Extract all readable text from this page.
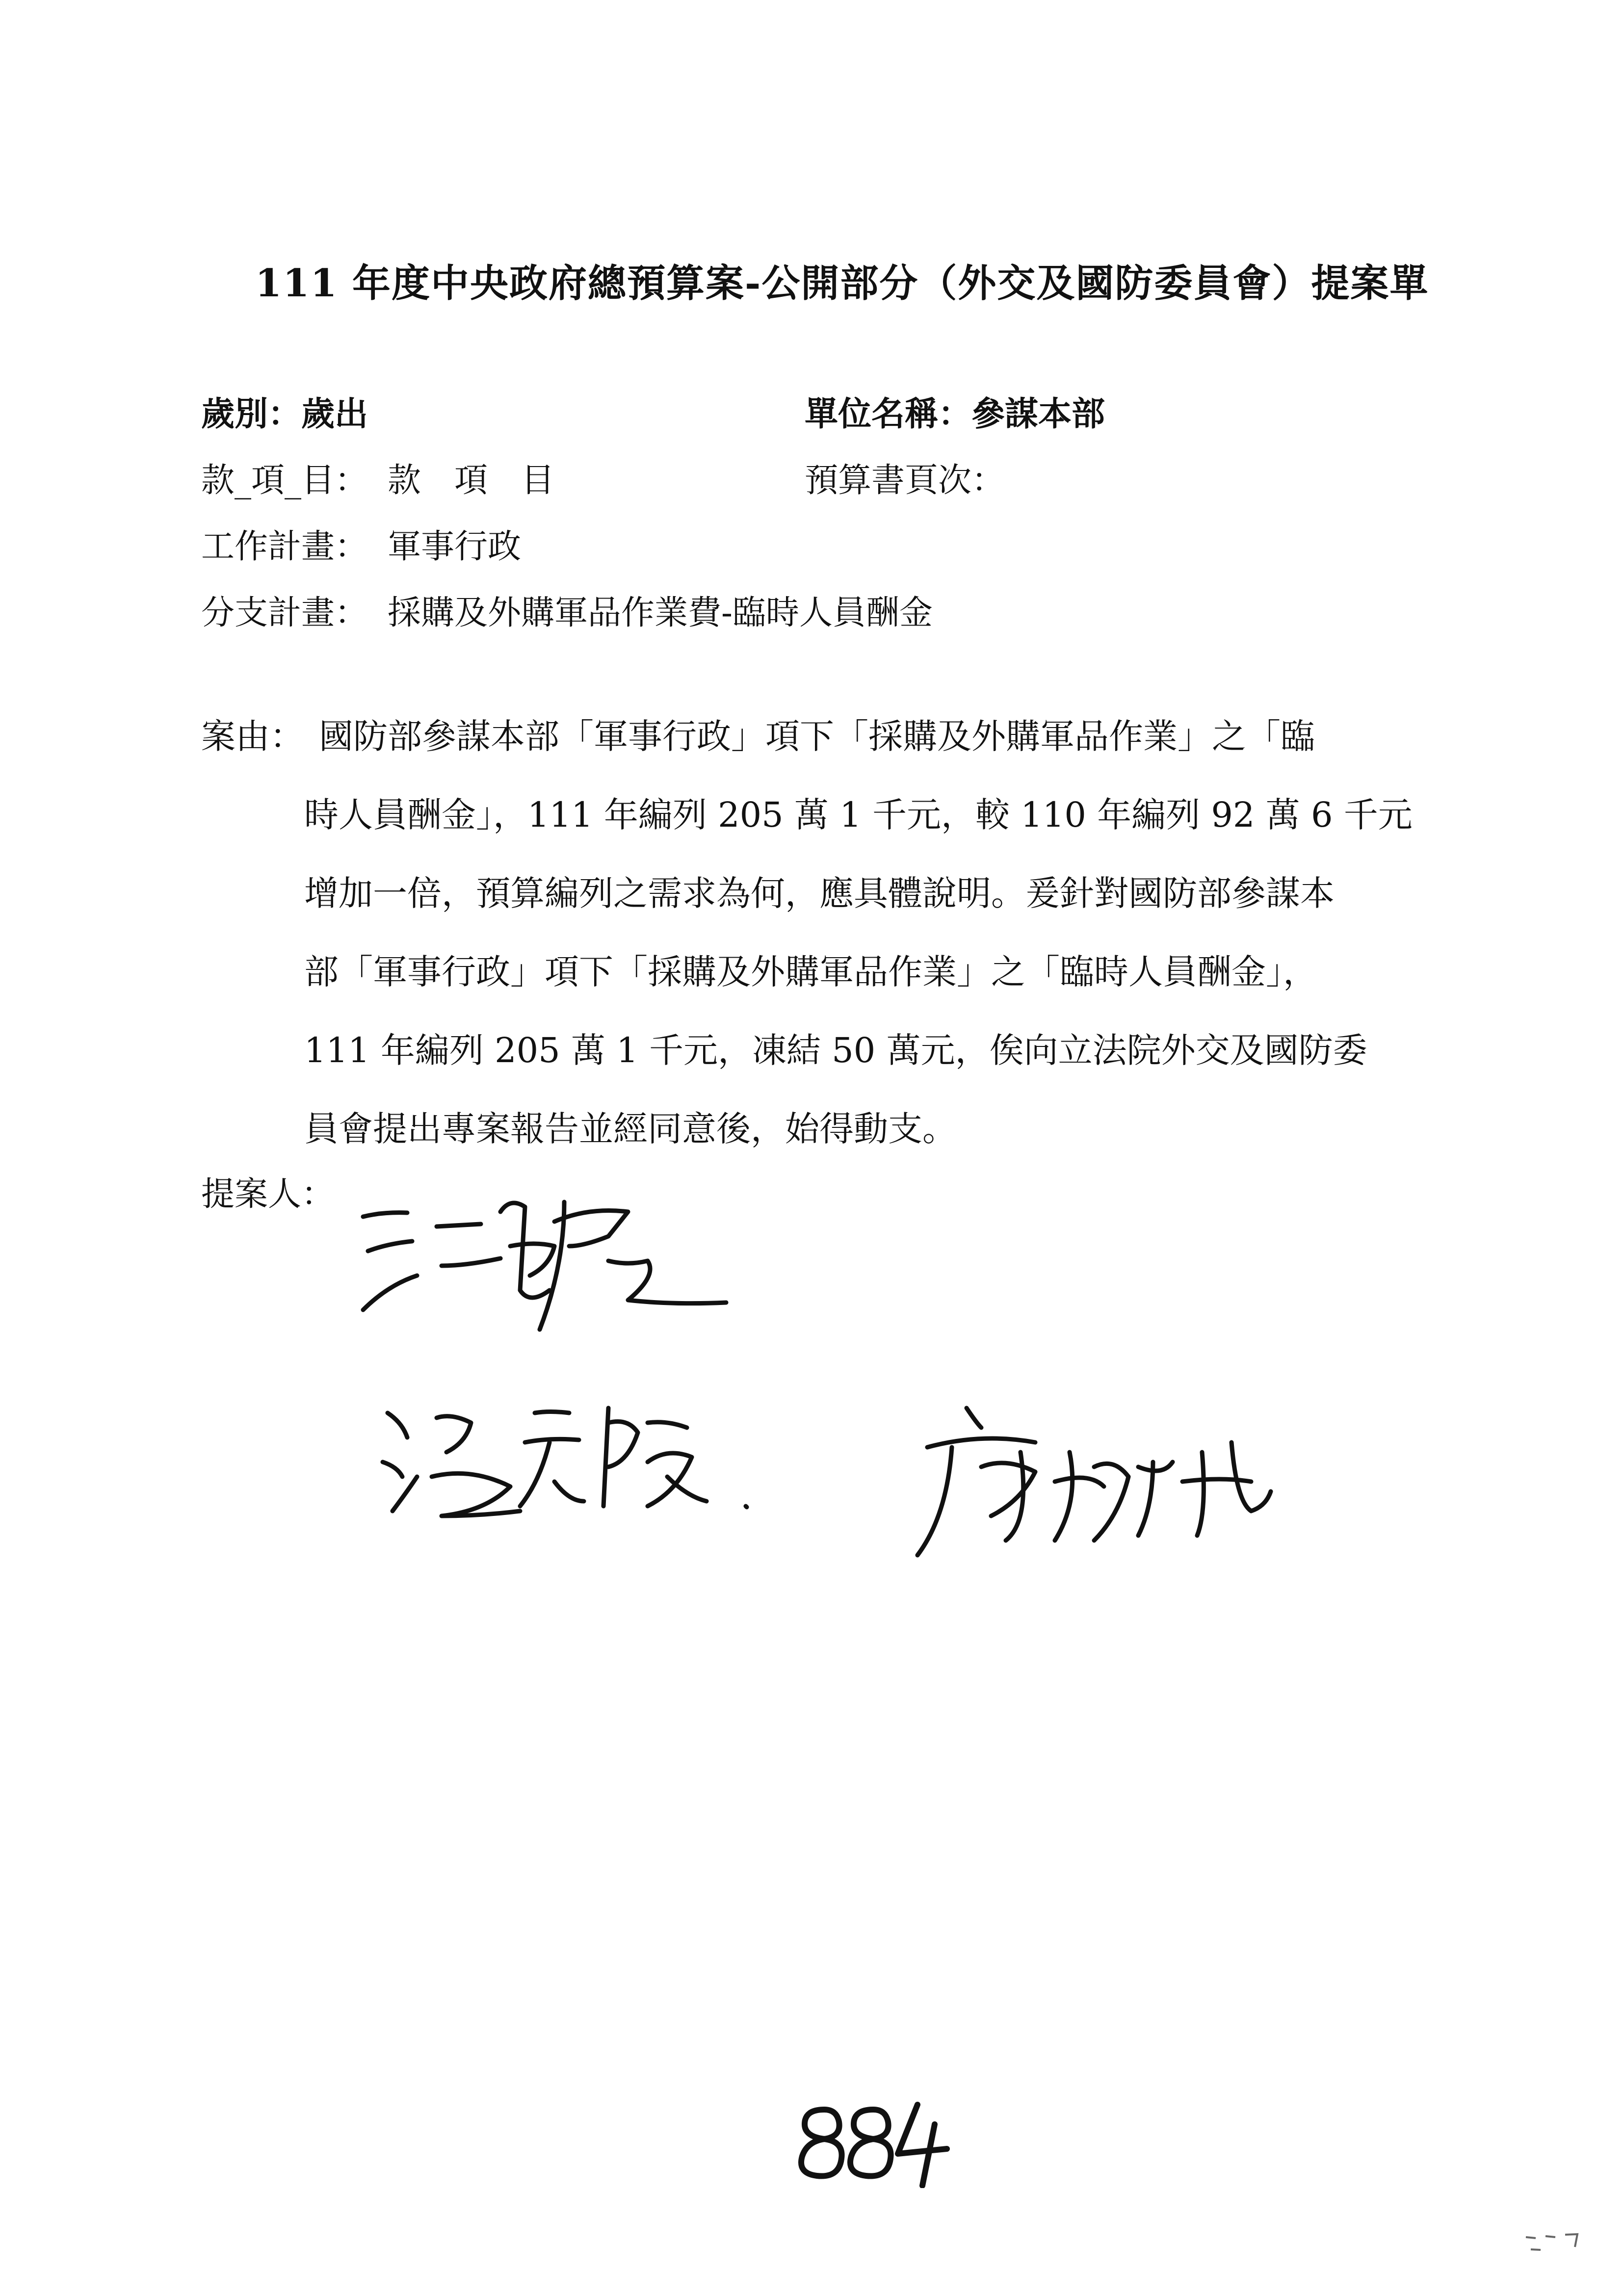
111 年度中央政府總預算案-公開部分（外交及國防委員會）提案單
歲別：歲出	單位名稱：參謀本部
款_項_目： 款　項　目	預算書頁次：
工作計畫： 軍事行政
分支計畫： 採購及外購軍品作業費-臨時人員酬金
案由： 國防部參謀本部「軍事行政」項下「採購及外購軍品作業」之「臨
時人員酬金」，111 年編列 205 萬 1 千元，較 110 年編列 92 萬 6 千元
增加一倍，預算編列之需求為何，應具體說明。爰針對國防部參謀本
部「軍事行政」項下「採購及外購軍品作業」之「臨時人員酬金」，
111 年編列 205 萬 1 千元，凍結 50 萬元，俟向立法院外交及國防委
員會提出專案報告並經同意後，始得動支。
提案人：
